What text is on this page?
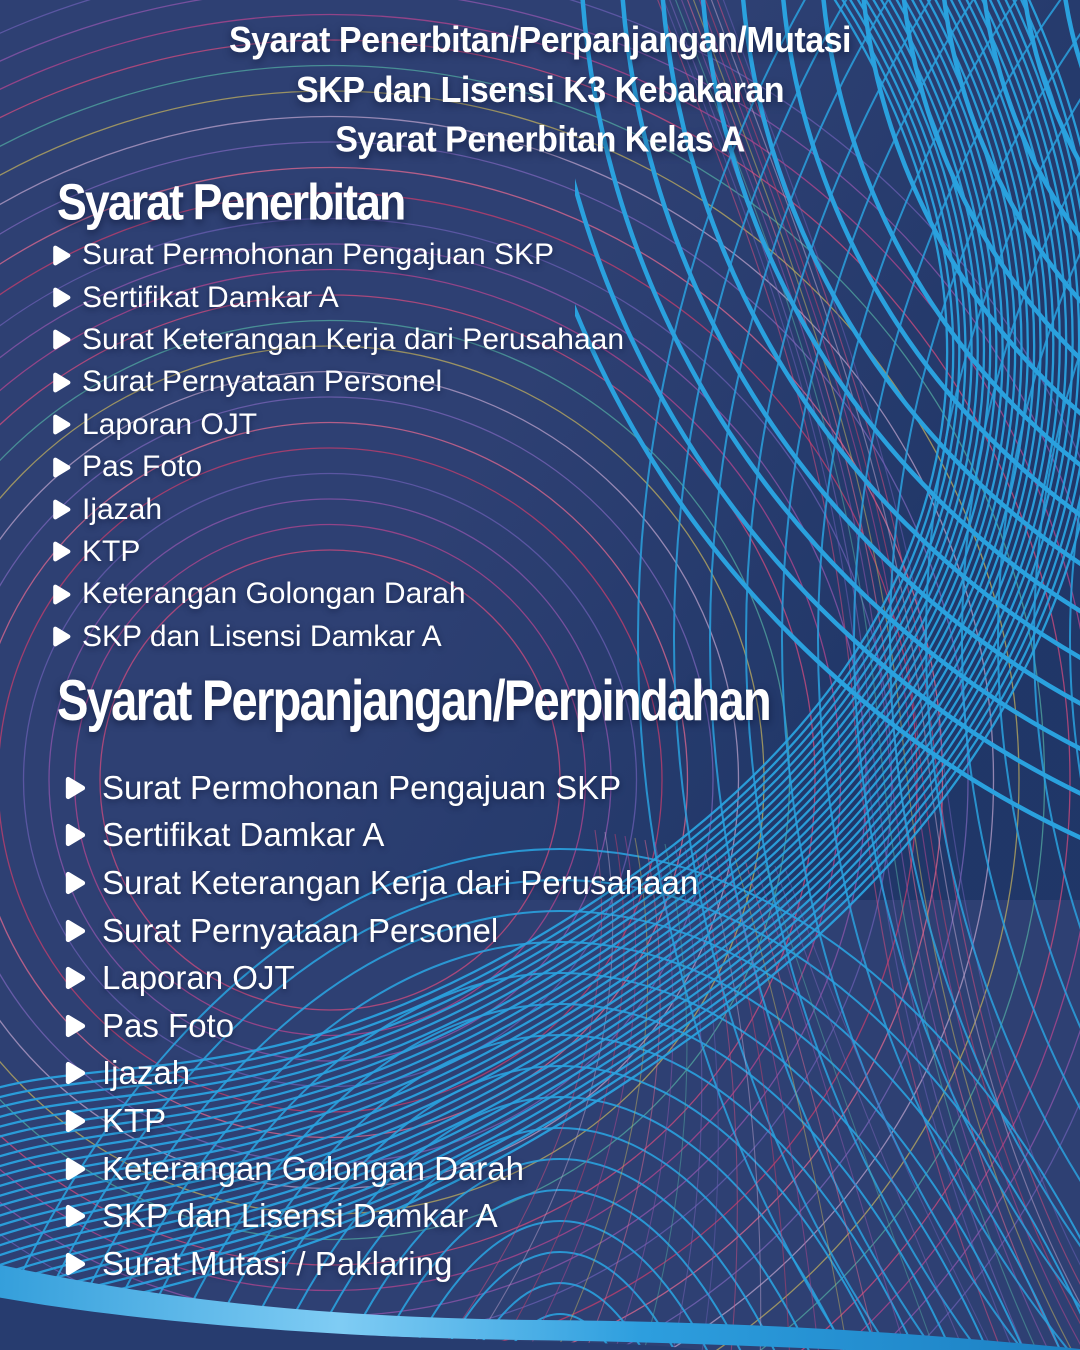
Syarat Penerbitan/Perpanjangan/Mutasi
SKP dan Lisensi K3 Kebakaran
Syarat Penerbitan Kelas A
Syarat Penerbitan
Surat Permohonan Pengajuan SKP
Sertifikat Damkar A
Surat Keterangan Kerja dari Perusahaan
Surat Pernyataan Personel
Laporan OJT
Pas Foto
Ijazah
KTP
Keterangan Golongan Darah
SKP dan Lisensi Damkar A
Syarat Perpanjangan/Perpindahan
Surat Permohonan Pengajuan SKP
Sertifikat Damkar A
Surat Keterangan Kerja dari Perusahaan
Surat Pernyataan Personel
Laporan OJT
Pas Foto
Ijazah
KTP
Keterangan Golongan Darah
SKP dan Lisensi Damkar A
Surat Mutasi / Paklaring
